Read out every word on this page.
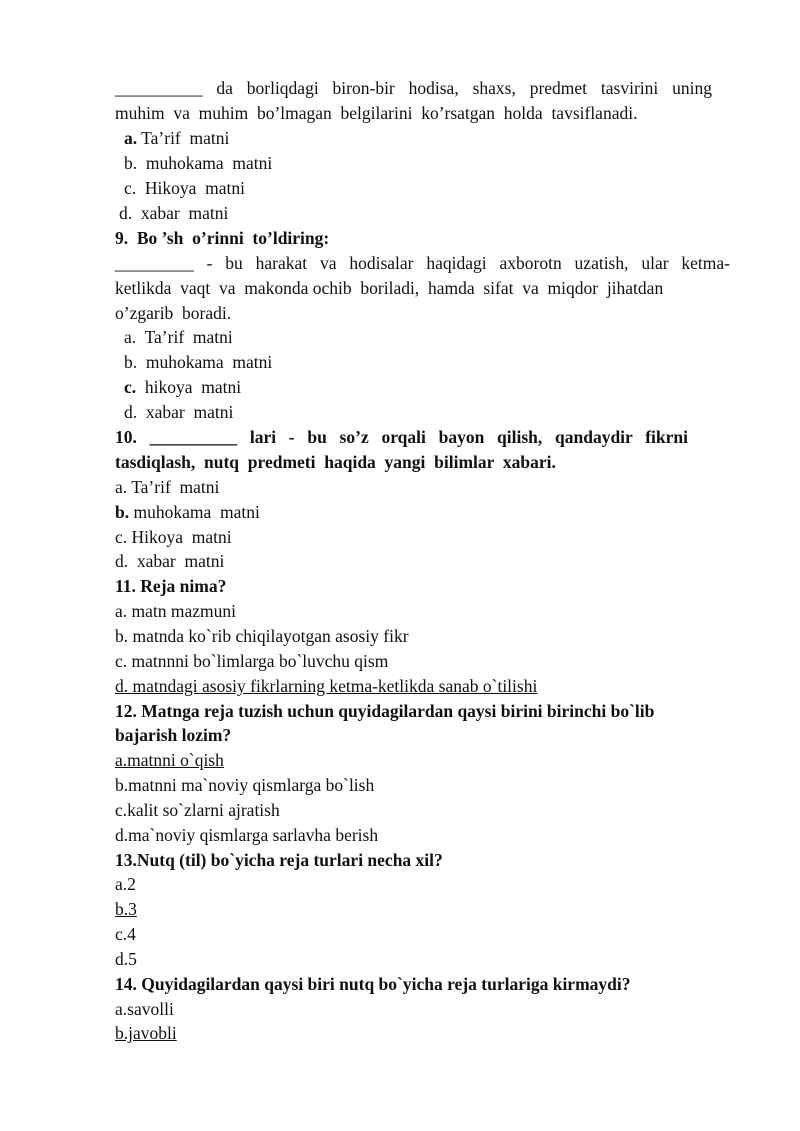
__________  da  borliqdagi  biron-bir  hodisa,  shaxs,  predmet  tasvirini  uning
muhim  va  muhim  bo’lmagan  belgilarini  ko’rsatgan  holda  tavsiflanadi.
a. Ta’rif  matni
b.  muhokama  matni
c.  Hikoya  matni
d.  xabar  matni
9.  Bo ’sh  o’rinni  to’ldiring:
_________  -  bu  harakat  va  hodisalar  haqidagi  axborotn  uzatish,  ular  ketma-
ketlikda  vaqt  va  makonda ochib  boriladi,  hamda  sifat  va  miqdor  jihatdan
o’zgarib  boradi.
a.  Ta’rif  matni
b.  muhokama  matni
c.  hikoya  matni
d.  xabar  matni
10.  __________  lari  -  bu  so’z  orqali  bayon  qilish,  qandaydir  fikrni
tasdiqlash,  nutq  predmeti  haqida  yangi  bilimlar  xabari.
a. Ta’rif  matni
b. muhokama  matni
c. Hikoya  matni
d.  xabar  matni
11. Reja nima?
a. matn mazmuni
b. matnda ko`rib chiqilayotgan asosiy fikr
c. matnnni bo`limlarga bo`luvchu qism
d. matndagi asosiy fikrlarning ketma-ketlikda sanab o`tilishi
12. Matnga reja tuzish uchun quyidagilardan qaysi birini birinchi bo`lib
bajarish lozim?
a.matnni o`qish
b.matnni ma`noviy qismlarga bo`lish
c.kalit so`zlarni ajratish
d.ma`noviy qismlarga sarlavha berish
13.Nutq (til) bo`yicha reja turlari necha xil?
a.2
b.3
c.4
d.5
14. Quyidagilardan qaysi biri nutq bo`yicha reja turlariga kirmaydi?
a.savolli
b.javobli
